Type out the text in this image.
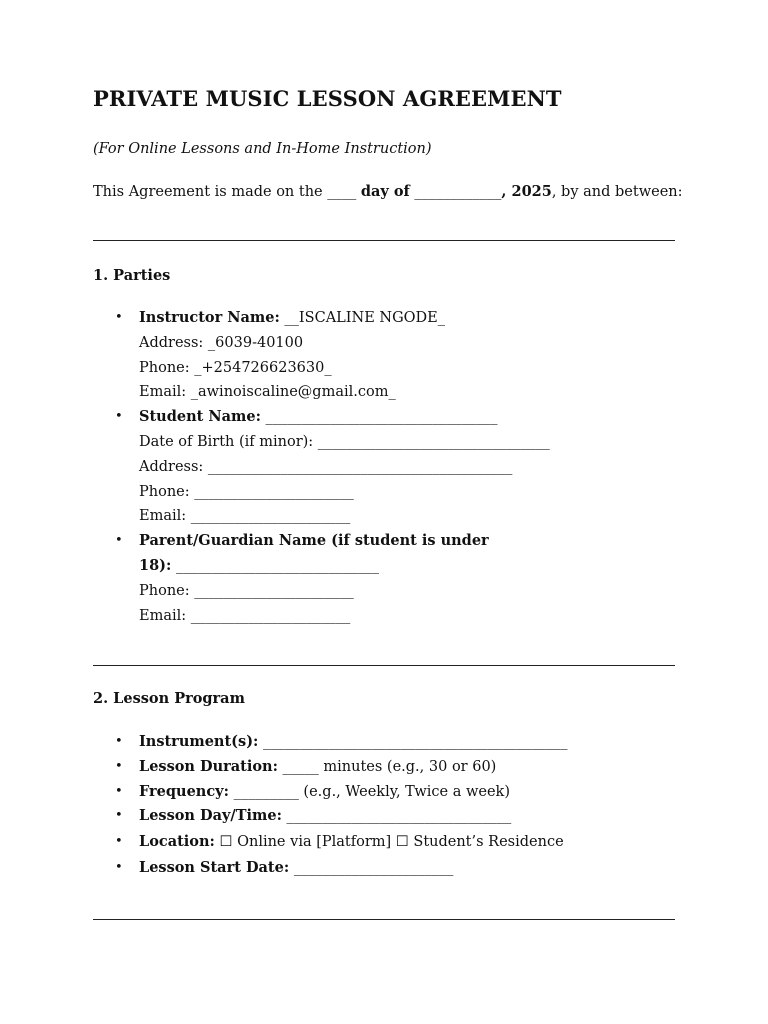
PRIVATE MUSIC LESSON AGREEMENT
(For Online Lessons and In-Home Instruction)
This Agreement is made on the ____ day of ____________, 2025, by and between:
1. Parties
• Instructor Name: __ISCALINE NGODE_
Address: _6039-40100
Phone: _+254726623630_
Email: _awinoiscaline@gmail.com_
• Student Name: ________________________________
Date of Birth (if minor): ________________________________
Address: __________________________________________
Phone: ______________________
Email: ______________________
• Parent/Guardian Name (if student is under
18): ____________________________
Phone: ______________________
Email: ______________________
2. Lesson Program
• Instrument(s): __________________________________________
• Lesson Duration: _____ minutes (e.g., 30 or 60)
• Frequency: _________ (e.g., Weekly, Twice a week)
• Lesson Day/Time: _______________________________
• Location: ☐ Online via [Platform] ☐ Student’s Residence
• Lesson Start Date: ______________________
